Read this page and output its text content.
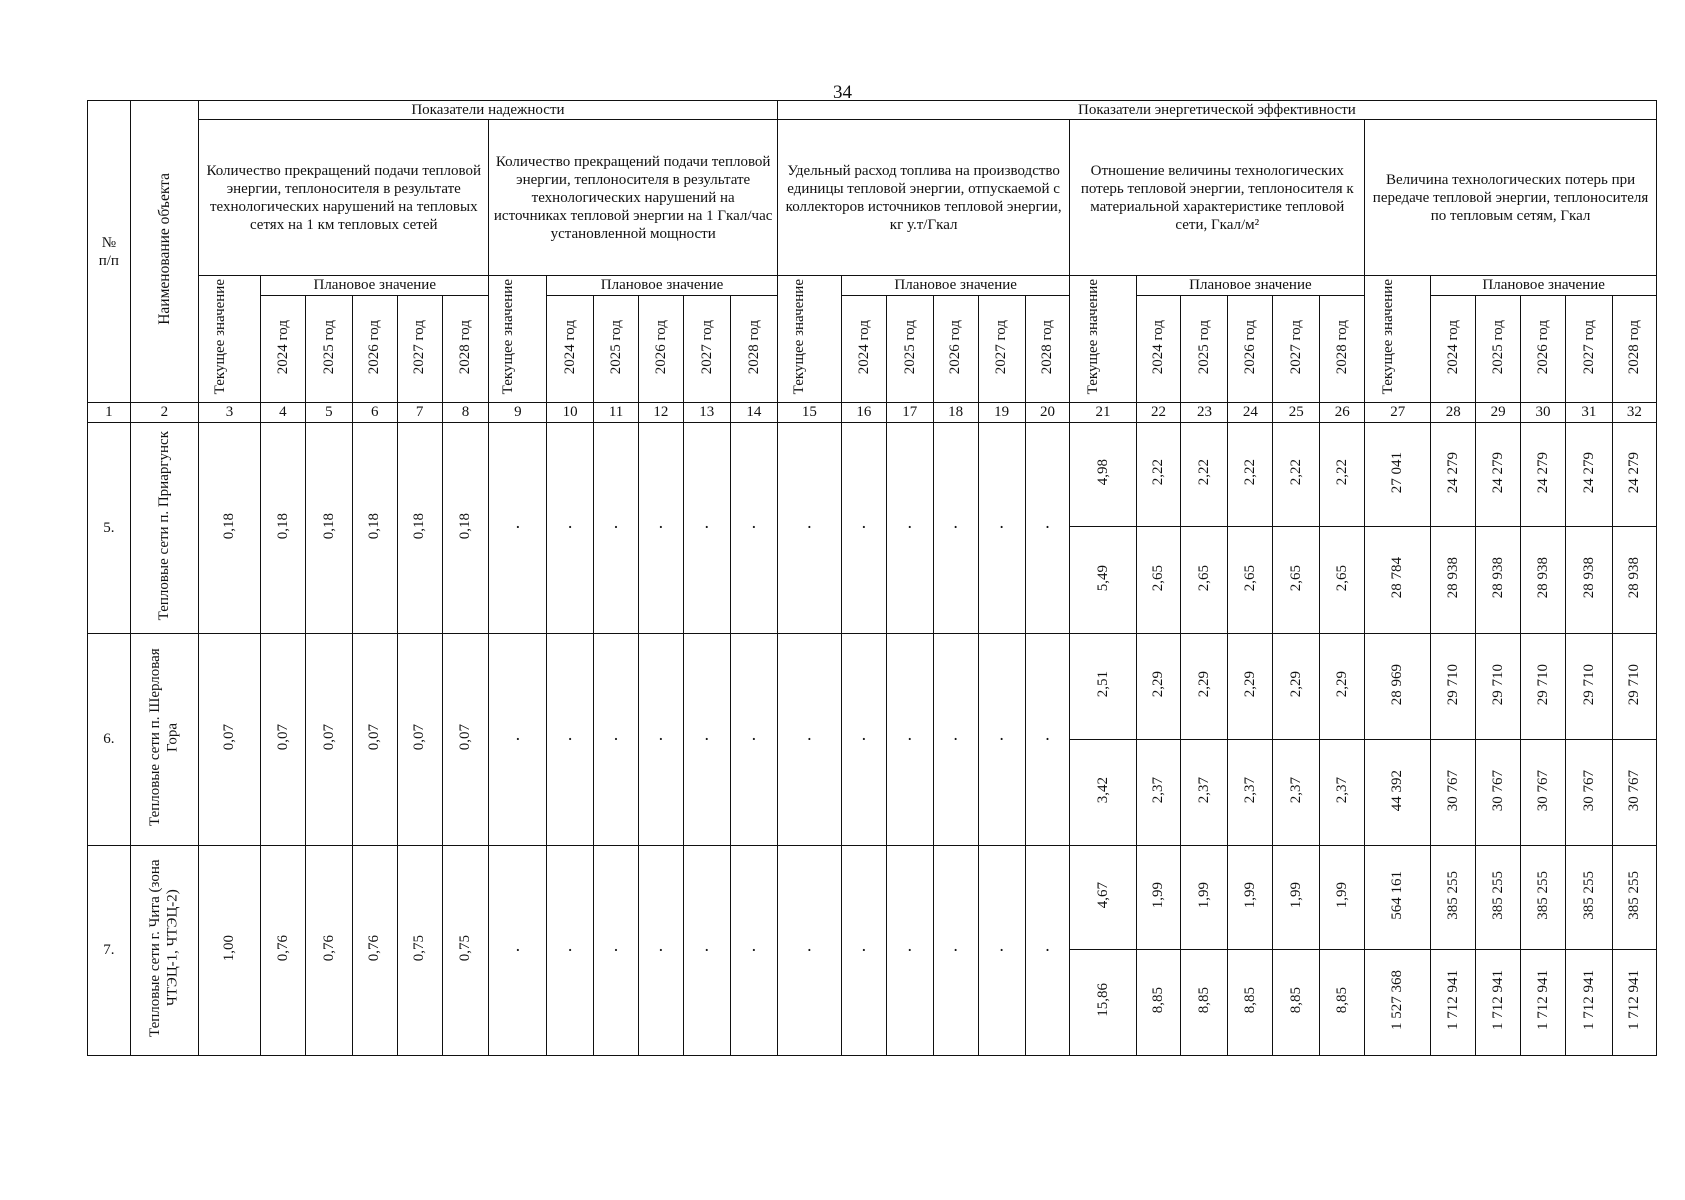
34
№ п/п	Наименование объекта	Показатели надежности												Показатели энергетической эффективности																	
		Количество прекращений подачи тепловой энергии, теплоносителя в результате технологических нарушений на тепловых сетях на 1 км тепловых сетей						Количество прекращений подачи тепловой энергии, теплоносителя в результате технологических нарушений на источниках тепловой энергии на 1 Гкал/час установленной мощности						Удельный расход топлива на производство единицы тепловой энергии, отпускаемой с коллекторов источников тепловой энергии, кг у.т/Гкал						Отношение величины технологических потерь тепловой энергии, теплоносителя к материальной характеристике тепловой сети, Гкал/м²						Величина технологических потерь при передаче тепловой энергии, теплоносителя по тепловым сетям, Гкал					
		Текущее значение	Плановое значение					Текущее значение	Плановое значение					Текущее значение	Плановое значение					Текущее значение	Плановое значение					Текущее значение	Плановое значение				
			2024 год	2025 год	2026 год	2027 год	2028 год		2024 год	2025 год	2026 год	2027 год	2028 год		2024 год	2025 год	2026 год	2027 год	2028 год		2024 год	2025 год	2026 год	2027 год	2028 год		2024 год	2025 год	2026 год	2027 год	2028 год
1	2	3	4	5	6	7	8	9	10	11	12	13	14	15	16	17	18	19	20	21	22	23	24	25	26	27	28	29	30	31	32
5.	Тепловые сети п. Приаргунск	0,18	0,18	0,18	0,18	0,18	0,18	·	·	·	·	·	·	·	·	·	·	·	·	4,98	2,22	2,22	2,22	2,22	2,22	27 041	24 279	24 279	24 279	24 279	24 279
																				5,49	2,65	2,65	2,65	2,65	2,65	28 784	28 938	28 938	28 938	28 938	28 938
6.	Тепловые сети п. Шерловая Гора	0,07	0,07	0,07	0,07	0,07	0,07	·	·	·	·	·	·	·	·	·	·	·	·	2,51	2,29	2,29	2,29	2,29	2,29	28 969	29 710	29 710	29 710	29 710	29 710
																				3,42	2,37	2,37	2,37	2,37	2,37	44 392	30 767	30 767	30 767	30 767	30 767
7.	Тепловые сети г. Чита (зона ЧТЭЦ-1, ЧТЭЦ-2)	1,00	0,76	0,76	0,76	0,75	0,75	·	·	·	·	·	·	·	·	·	·	·	·	4,67	1,99	1,99	1,99	1,99	1,99	564 161	385 255	385 255	385 255	385 255	385 255
																				15,86	8,85	8,85	8,85	8,85	8,85	1 527 368	1 712 941	1 712 941	1 712 941	1 712 941	1 712 941
